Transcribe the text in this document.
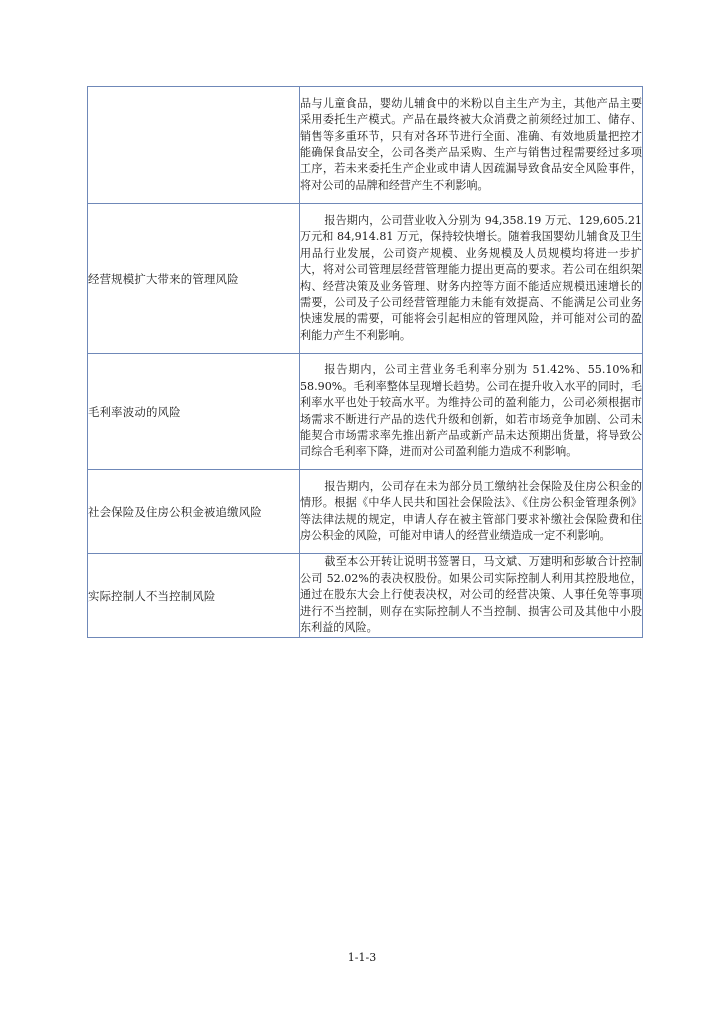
	品与儿童食品，婴幼儿辅食中的米粉以自主生产为主，其他产品主要采用委托生产模式。产品在最终被大众消费之前须经过加工、储存、销售等多重环节，只有对各环节进行全面、准确、有效地质量把控才能确保食品安全，公司各类产品采购、生产与销售过程需要经过多项工序，若未来委托生产企业或申请人因疏漏导致食品安全风险事件，将对公司的品牌和经营产生不利影响。
经营规模扩大带来的管理风险	报告期内，公司营业收入分别为 94,358.19 万元、129,605.21 万元和 84,914.81 万元，保持较快增长。随着我国婴幼儿辅食及卫生用品行业发展，公司资产规模、业务规模及人员规模均将进一步扩大，将对公司管理层经营管理能力提出更高的要求。若公司在组织架构、经营决策及业务管理、财务内控等方面不能适应规模迅速增长的需要，公司及子公司经营管理能力未能有效提高、不能满足公司业务快速发展的需要，可能将会引起相应的管理风险，并可能对公司的盈利能力产生不利影响。
毛利率波动的风险	报告期内，公司主营业务毛利率分别为 51.42%、55.10%和 58.90%。毛利率整体呈现增长趋势。公司在提升收入水平的同时，毛利率水平也处于较高水平。为维持公司的盈利能力，公司必须根据市场需求不断进行产品的迭代升级和创新，如若市场竞争加剧、公司未能契合市场需求率先推出新产品或新产品未达预期出货量，将导致公司综合毛利率下降，进而对公司盈利能力造成不利影响。
社会保险及住房公积金被追缴风险	报告期内，公司存在未为部分员工缴纳社会保险及住房公积金的情形。根据《中华人民共和国社会保险法》、《住房公积金管理条例》等法律法规的规定，申请人存在被主管部门要求补缴社会保险费和住房公积金的风险，可能对申请人的经营业绩造成一定不利影响。
实际控制人不当控制风险	截至本公开转让说明书签署日，马文斌、万建明和彭敏合计控制公司 52.02%的表决权股份。如果公司实际控制人利用其控股地位，通过在股东大会上行使表决权，对公司的经营决策、人事任免等事项进行不当控制，则存在实际控制人不当控制、损害公司及其他中小股东利益的风险。
1-1-3
